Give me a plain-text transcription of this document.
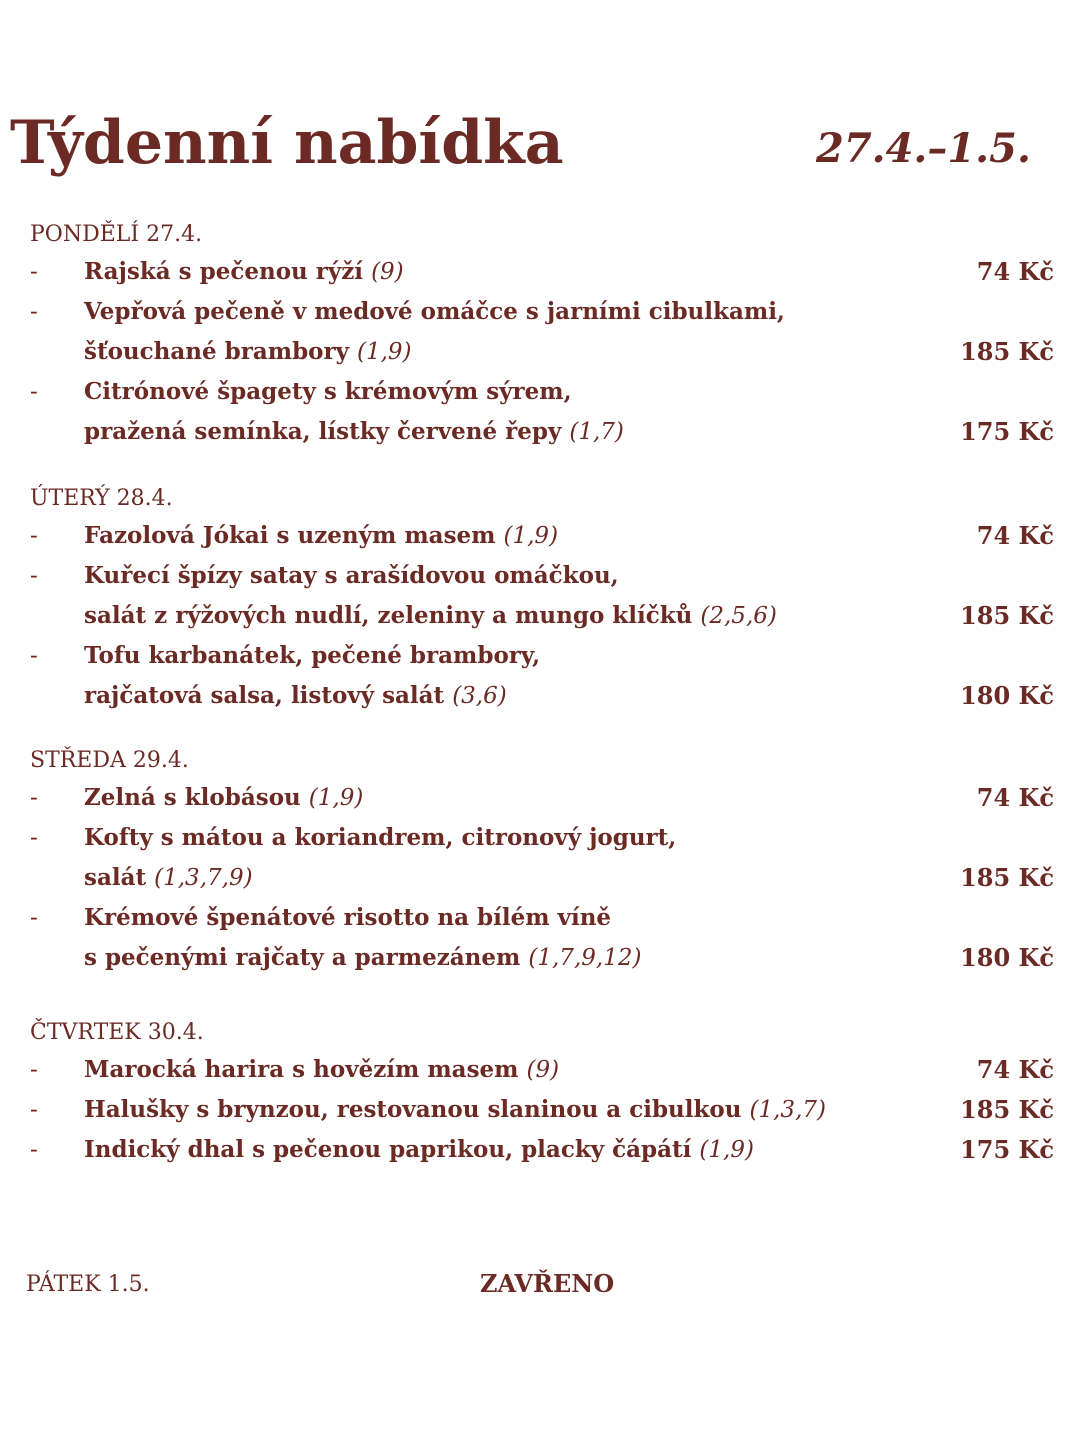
Týdenní nabídka	27.4.–1.5.
PONDĚLÍ 27.4.
- Rajská s pečenou rýží (9)	74 Kč
- Vepřová pečeně v medové omáčce s jarními cibulkami,
šťouchané brambory (1,9)	185 Kč
- Citrónové špagety s krémovým sýrem,
pražená semínka, lístky červené řepy (1,7)	175 Kč
ÚTERÝ 28.4.
- Fazolová Jókai s uzeným masem (1,9)	74 Kč
- Kuřecí špízy satay s arašídovou omáčkou,
salát z rýžových nudlí, zeleniny a mungo klíčků (2,5,6)	185 Kč
- Tofu karbanátek, pečené brambory,
rajčatová salsa, listový salát (3,6)	180 Kč
STŘEDA 29.4.
- Zelná s klobásou (1,9)	74 Kč
- Kofty s mátou a koriandrem, citronový jogurt,
salát (1,3,7,9)	185 Kč
- Krémové špenátové risotto na bílém víně
s pečenými rajčaty a parmezánem (1,7,9,12)	180 Kč
ČTVRTEK 30.4.
- Marocká harira s hovězím masem (9)	74 Kč
- Halušky s brynzou, restovanou slaninou a cibulkou (1,3,7)	185 Kč
- Indický dhal s pečenou paprikou, placky čápátí (1,9)	175 Kč
PÁTEK 1.5.	ZAVŘENO
